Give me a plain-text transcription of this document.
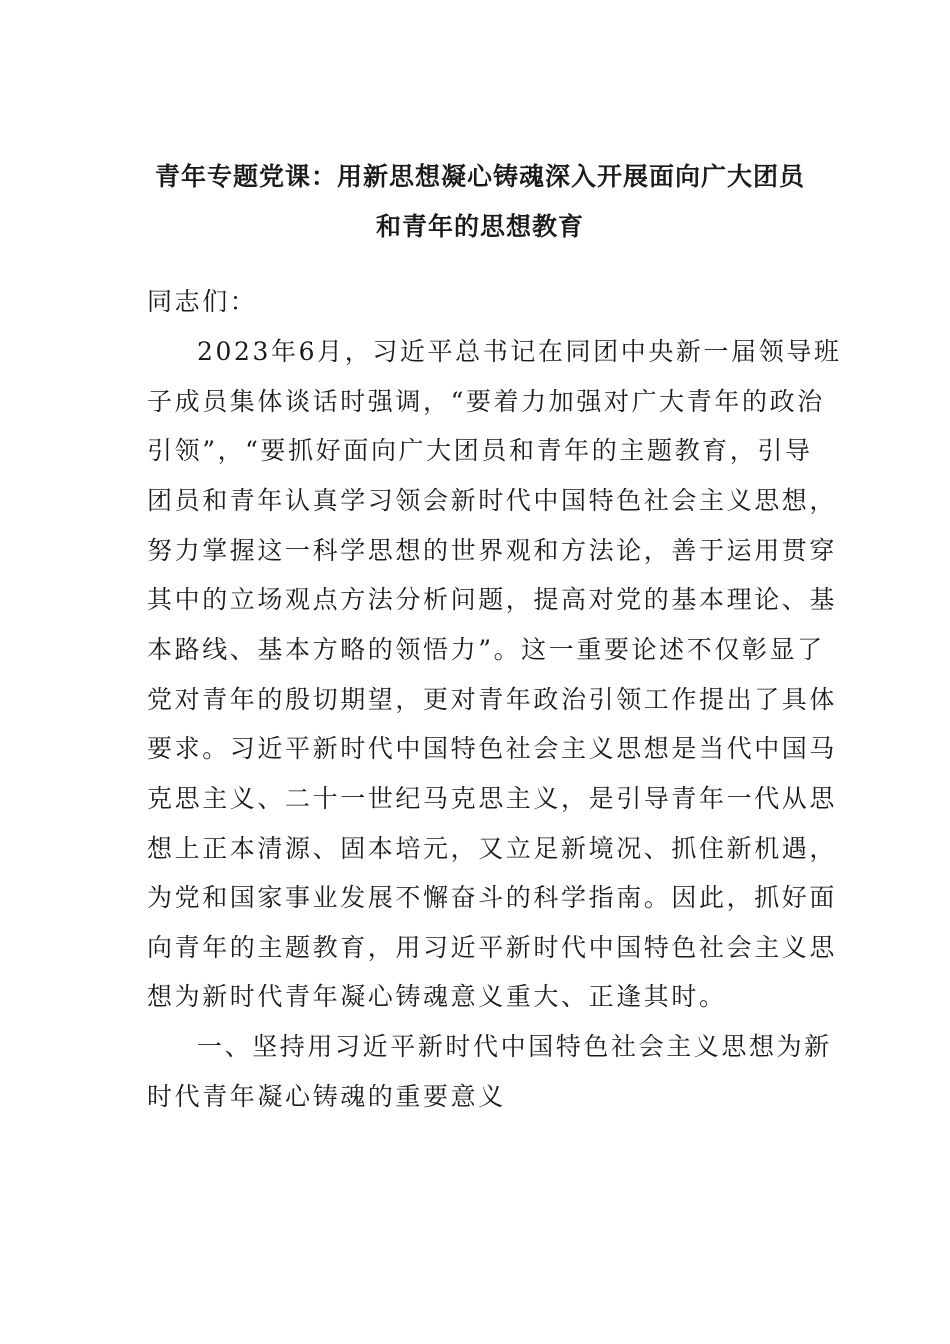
青年专题党课：用新思想凝心铸魂深入开展面向广大团员
和青年的思想教育
同志们：
2023年6月，习近平总书记在同团中央新一届领导班
子成员集体谈话时强调，“要着力加强对广大青年的政治
引领”，“要抓好面向广大团员和青年的主题教育，引导
团员和青年认真学习领会新时代中国特色社会主义思想，
努力掌握这一科学思想的世界观和方法论，善于运用贯穿
其中的立场观点方法分析问题，提高对党的基本理论、基
本路线、基本方略的领悟力”。这一重要论述不仅彰显了
党对青年的殷切期望，更对青年政治引领工作提出了具体
要求。习近平新时代中国特色社会主义思想是当代中国马
克思主义、二十一世纪马克思主义，是引导青年一代从思
想上正本清源、固本培元，又立足新境况、抓住新机遇，
为党和国家事业发展不懈奋斗的科学指南。因此，抓好面
向青年的主题教育，用习近平新时代中国特色社会主义思
想为新时代青年凝心铸魂意义重大、正逢其时。
一、坚持用习近平新时代中国特色社会主义思想为新
时代青年凝心铸魂的重要意义
